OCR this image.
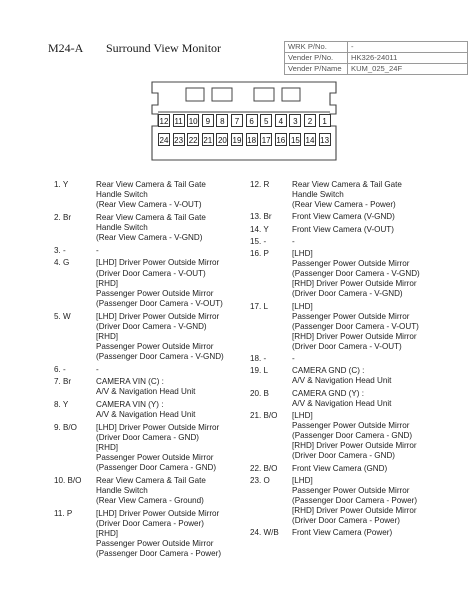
M24-A Surround View Monitor	WRK P/No.	-
Vender P/No.	HK326-24011
Vender P/Name	KUM_025_24F
12 11 10 9	8	7	6	5	4	3	2	1
24 23 22 21 20 19 18 17 16 15 14 13
1. Y	Rear View Camera & Tail Gate
Handle Switch
(Rear View Camera - V-OUT)
2. Br	Rear View Camera & Tail Gate
Handle Switch
(Rear View Camera - V-GND)
3. -	-
4. G	[LHD] Driver Power Outside Mirror
(Driver Door Camera - V-OUT)
[RHD]
Passenger Power Outside Mirror
(Passenger Door Camera - V-OUT)
5. W	[LHD] Driver Power Outside Mirror
(Driver Door Camera - V-GND)
[RHD]
Passenger Power Outside Mirror
(Passenger Door Camera - V-GND)
6. -	-
7. Br	CAMERA VIN (C) :
A/V & Navigation Head Unit
8. Y	CAMERA VIN (Y) :
A/V & Navigation Head Unit
9. B/O [LHD] Driver Power Outside Mirror
(Driver Door Camera - GND)
[RHD]
Passenger Power Outside Mirror
(Passenger Door Camera - GND)
10. B/O Rear View Camera & Tail Gate
Handle Switch
(Rear View Camera - Ground)
11. P	[LHD] Driver Power Outside Mirror
(Driver Door Camera - Power)
[RHD]
Passenger Power Outside Mirror
(Passenger Door Camera - Power)
12. R	Rear View Camera & Tail Gate
Handle Switch
(Rear View Camera - Power)
13. Br	Front View Camera (V-GND)
14. Y	Front View Camera (V-OUT)
15. -	-
16. P	[LHD]
Passenger Power Outside Mirror
(Passenger Door Camera - V-GND)
[RHD] Driver Power Outside Mirror
(Driver Door Camera - V-GND)
17. L	[LHD]
Passenger Power Outside Mirror
(Passenger Door Camera - V-OUT)
[RHD] Driver Power Outside Mirror
(Driver Door Camera - V-OUT)
18. -	-
19. L	CAMERA GND (C) :
A/V & Navigation Head Unit
20. B	CAMERA GND (Y) :
A/V & Navigation Head Unit
21. B/O [LHD]
Passenger Power Outside Mirror
(Passenger Door Camera - GND)
[RHD] Driver Power Outside Mirror
(Driver Door Camera - GND)
22. B/O Front View Camera (GND)
23. O	[LHD]
Passenger Power Outside Mirror
(Passenger Door Camera - Power)
[RHD] Driver Power Outside Mirror
(Driver Door Camera - Power)
24. W/B Front View Camera (Power)
